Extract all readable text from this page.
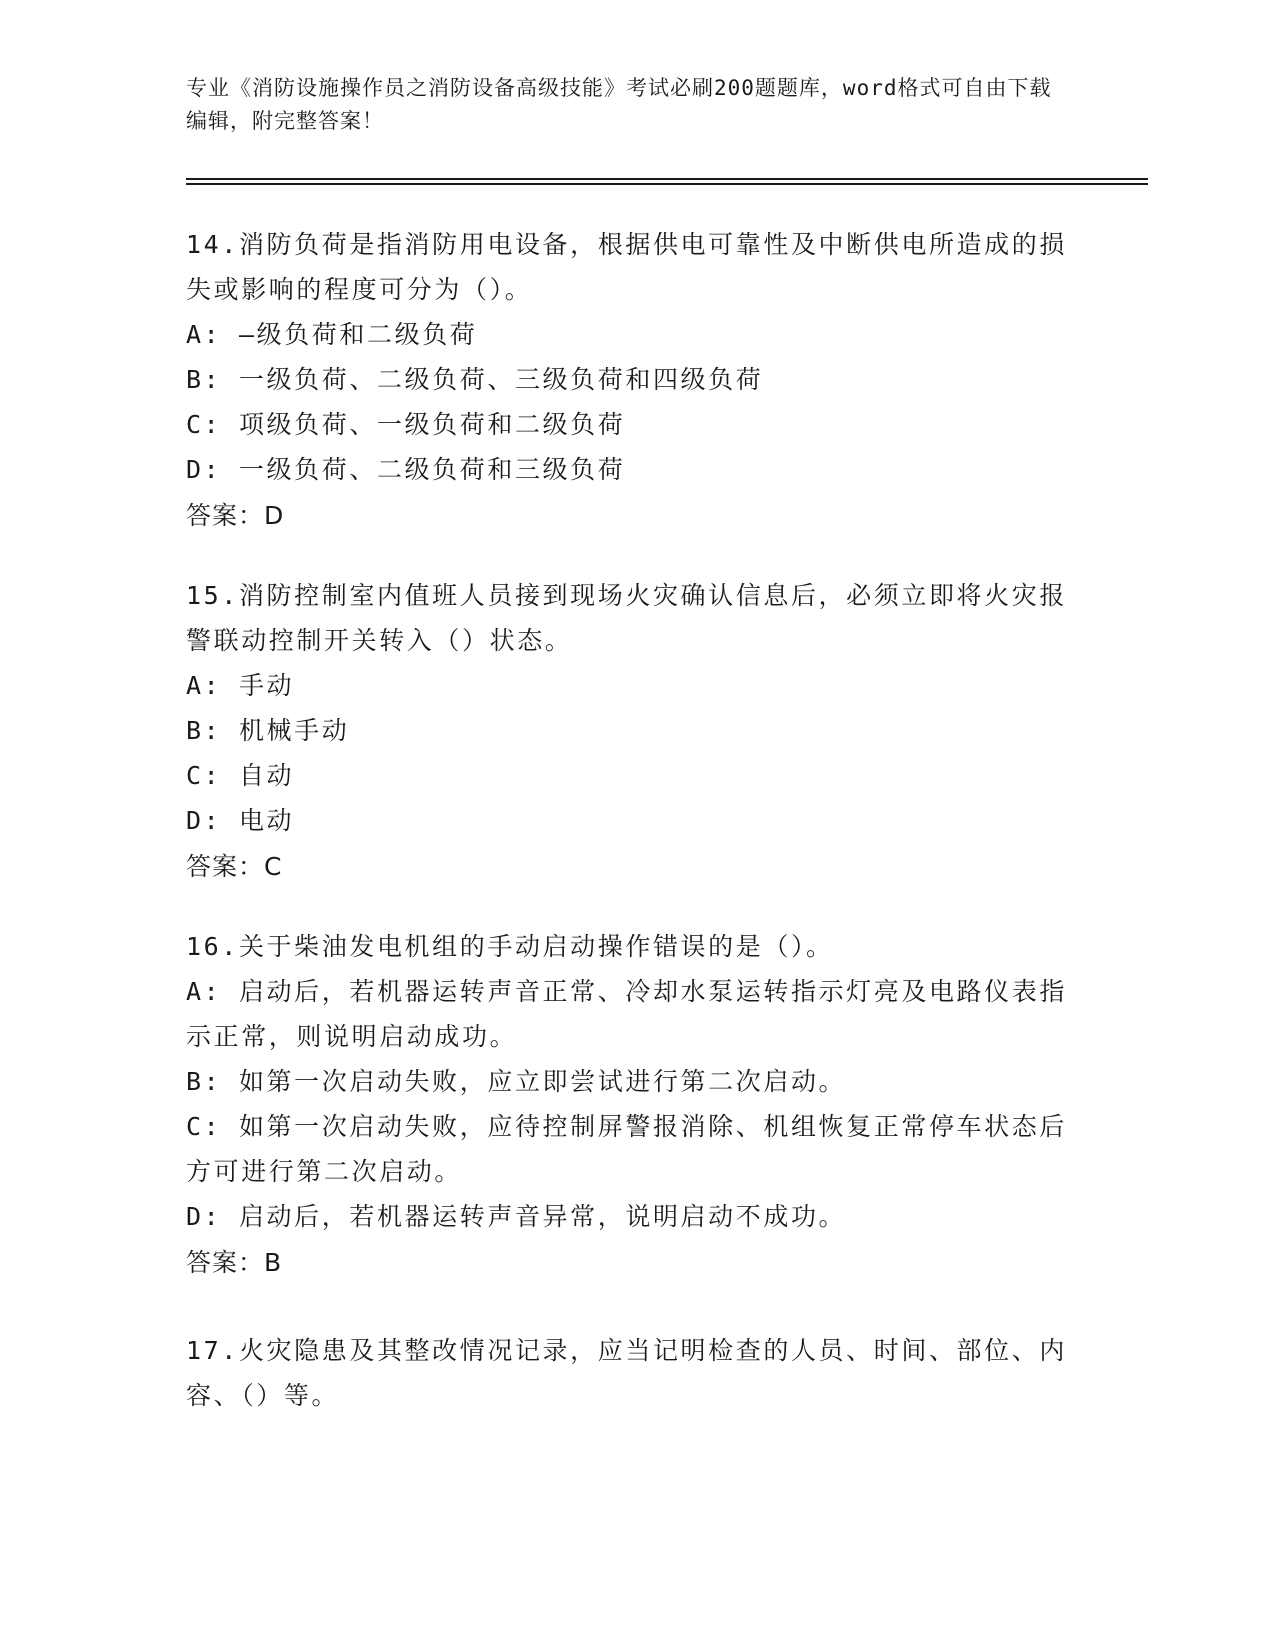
专业《消防设施操作员之消防设备高级技能》考试必刷200题题库，word格式可自由下载编辑，附完整答案！
14.消防负荷是指消防用电设备，根据供电可靠性及中断供电所造成的损失或影响的程度可分为（）。
A: —级负荷和二级负荷
B: 一级负荷、二级负荷、三级负荷和四级负荷
C: 项级负荷、一级负荷和二级负荷
D: 一级负荷、二级负荷和三级负荷
答案：D
15.消防控制室内值班人员接到现场火灾确认信息后，必须立即将火灾报警联动控制开关转入（）状态。
A: 手动
B: 机械手动
C: 自动
D: 电动
答案：C
16.关于柴油发电机组的手动启动操作错误的是（）。
A: 启动后，若机器运转声音正常、冷却水泵运转指示灯亮及电路仪表指示正常，则说明启动成功。
B: 如第一次启动失败，应立即尝试进行第二次启动。
C: 如第一次启动失败，应待控制屏警报消除、机组恢复正常停车状态后方可进行第二次启动。
D: 启动后，若机器运转声音异常，说明启动不成功。
答案：B
17.火灾隐患及其整改情况记录，应当记明检查的人员、时间、部位、内容、（）等。
